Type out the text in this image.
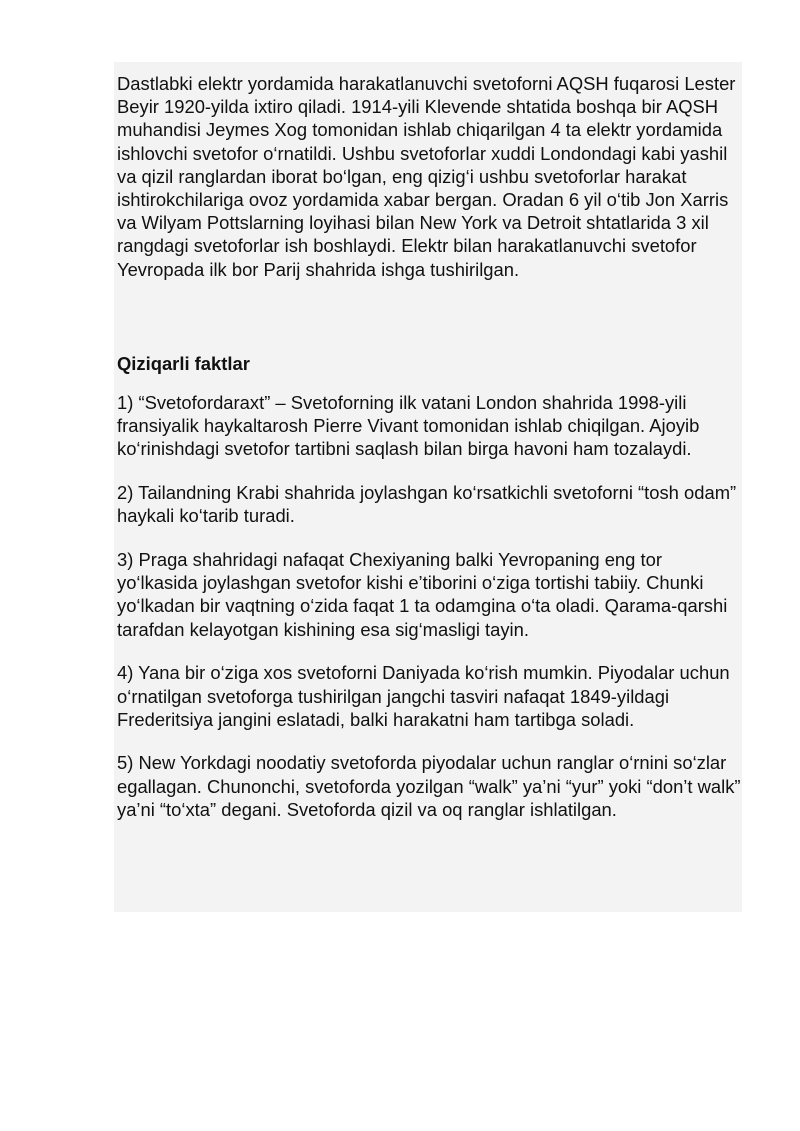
Dastlabki elektr yordamida harakatlanuvchi svetoforni AQSH fuqarosi Lester Beyir 1920-yilda ixtiro qiladi. 1914-yili Klevende shtatida boshqa bir AQSH muhandisi Jeymes Xog tomonidan ishlab chiqarilgan 4 ta elektr yordamida ishlovchi svetofor o‘rnatildi. Ushbu svetoforlar xuddi Londondagi kabi yashil va qizil ranglardan iborat bo‘lgan, eng qizig‘i ushbu svetoforlar harakat ishtirokchilariga ovoz yordamida xabar bergan. Oradan 6 yil o‘tib Jon Xarris va Wilyam Pottslarning loyihasi bilan New York va Detroit shtatlarida 3 xil rangdagi svetoforlar ish boshlaydi. Elektr bilan harakatlanuvchi svetofor Yevropada ilk bor Parij shahrida ishga tushirilgan.

Qiziqarli faktlar

1) “Svetofordaraxt” – Svetoforning ilk vatani London shahrida 1998-yili fransiyalik haykaltarosh Pierre Vivant tomonidan ishlab chiqilgan. Ajoyib ko‘rinishdagi svetofor tartibni saqlash bilan birga havoni ham tozalaydi.

2) Tailandning Krabi shahrida joylashgan ko‘rsatkichli svetoforni “tosh odam” haykali ko‘tarib turadi.

3) Praga shahridagi nafaqat Chexiyaning balki Yevropaning eng tor yo‘lkasida joylashgan svetofor kishi e’tiborini o‘ziga tortishi tabiiy. Chunki yo‘lkadan bir vaqtning o‘zida faqat 1 ta odamgina o‘ta oladi. Qarama-qarshi tarafdan kelayotgan kishining esa sig‘masligi tayin.

4) Yana bir o‘ziga xos svetoforni Daniyada ko‘rish mumkin. Piyodalar uchun o‘rnatilgan svetoforga tushirilgan jangchi tasviri nafaqat 1849-yildagi Frederitsiya jangini eslatadi, balki harakatni ham tartibga soladi.

5) New Yorkdagi noodatiy svetoforda piyodalar uchun ranglar o‘rnini so‘zlar egallagan. Chunonchi, svetoforda yozilgan “walk” ya’ni “yur” yoki “don’t walk” ya’ni “to‘xta” degani. Svetoforda qizil va oq ranglar ishlatilgan.
